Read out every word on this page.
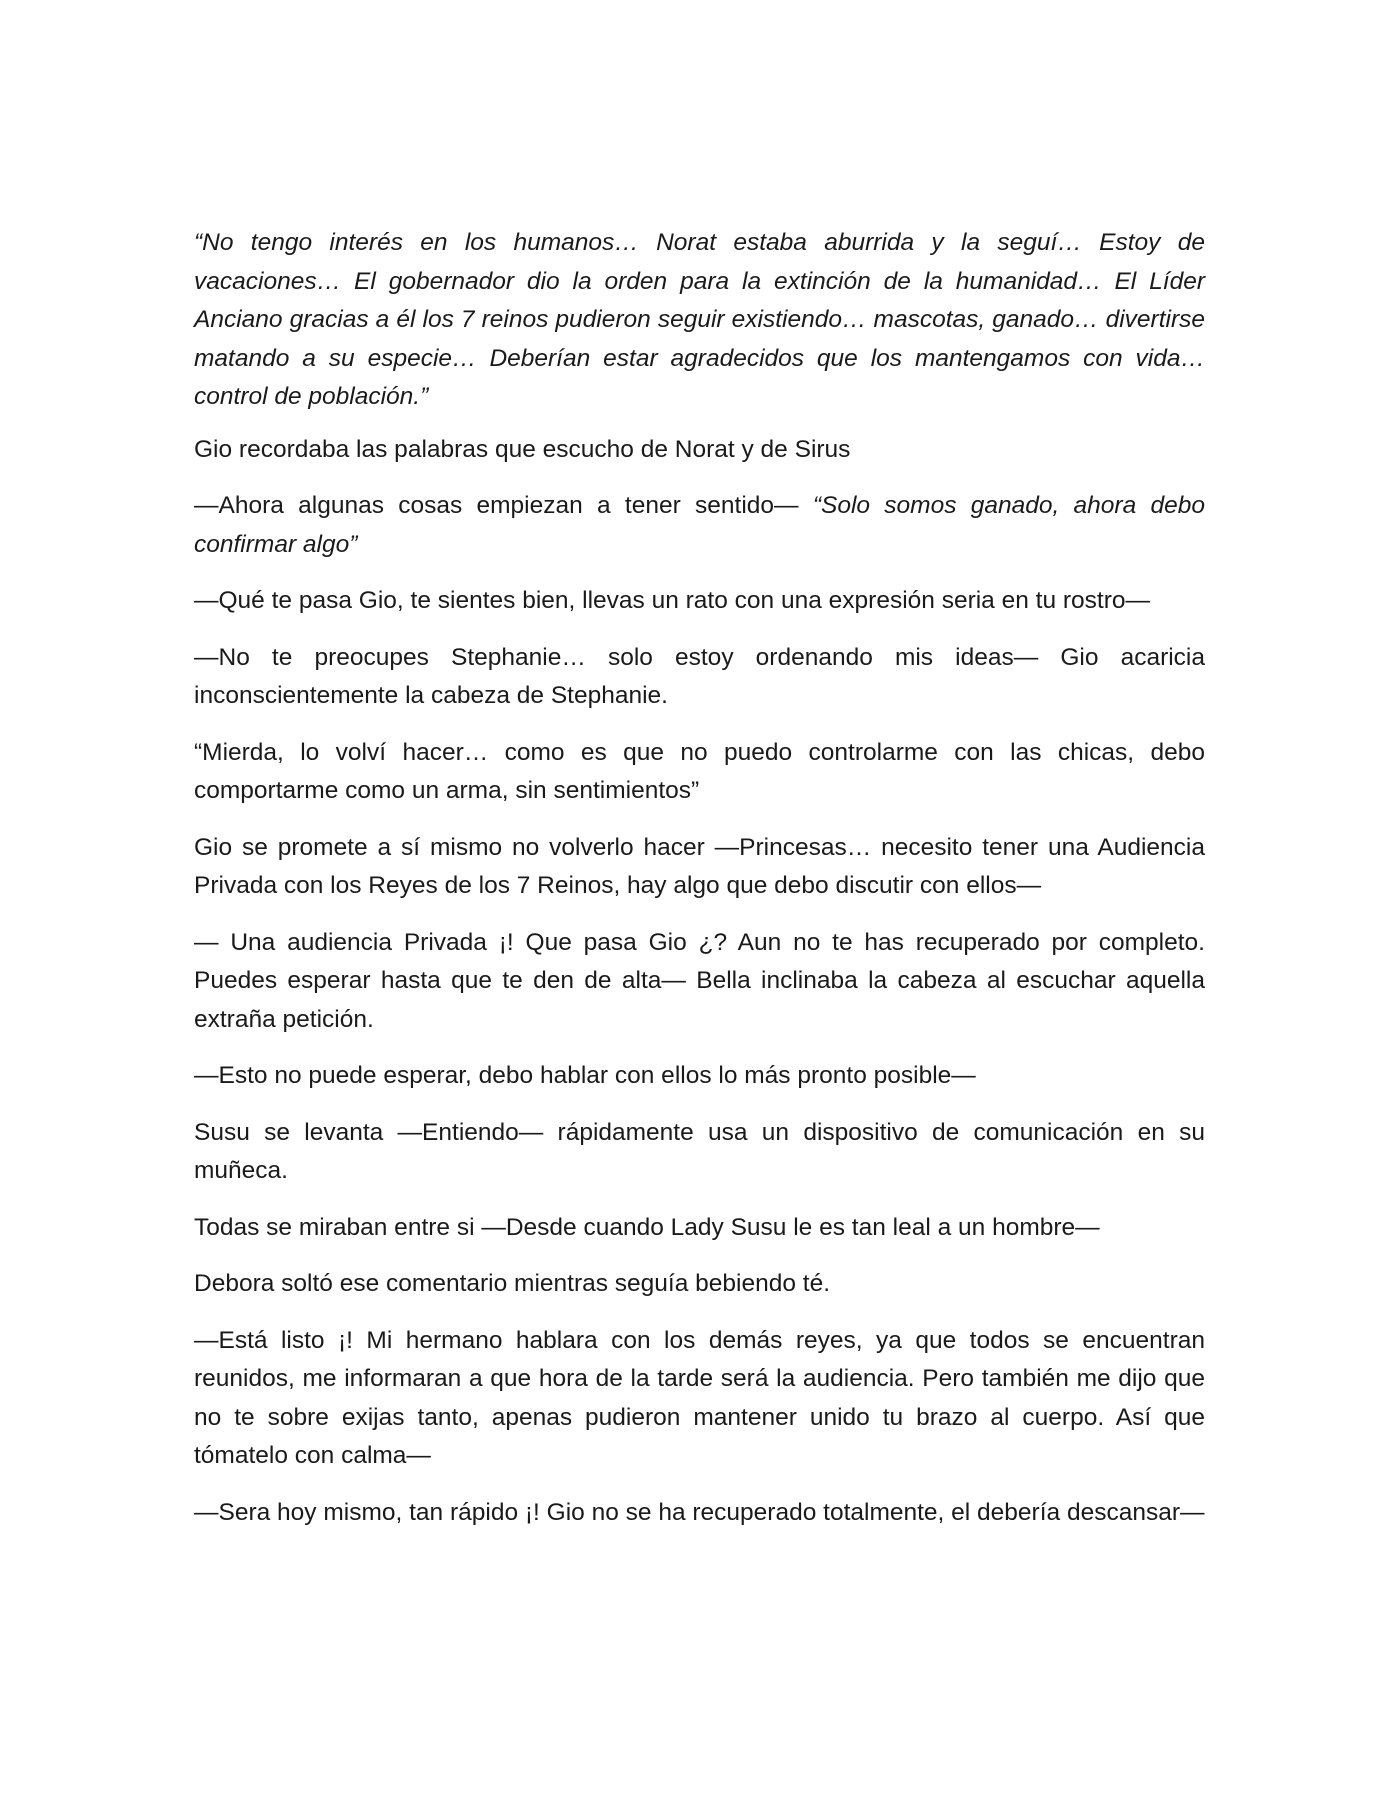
“No tengo interés en los humanos… Norat estaba aburrida y la seguí… Estoy de vacaciones… El gobernador dio la orden para la extinción de la humanidad… El Líder Anciano gracias a él los 7 reinos pudieron seguir existiendo… mascotas, ganado… divertirse matando a su especie… Deberían estar agradecidos que los mantengamos con vida… control de población.”

Gio recordaba las palabras que escucho de Norat y de Sirus

—Ahora algunas cosas empiezan a tener sentido— “Solo somos ganado, ahora debo confirmar algo”

—Qué te pasa Gio, te sientes bien, llevas un rato con una expresión seria en tu rostro—

—No te preocupes Stephanie… solo estoy ordenando mis ideas— Gio acaricia inconscientemente la cabeza de Stephanie.

“Mierda, lo volví hacer… como es que no puedo controlarme con las chicas, debo comportarme como un arma, sin sentimientos”

Gio se promete a sí mismo no volverlo hacer —Princesas… necesito tener una Audiencia Privada con los Reyes de los 7 Reinos, hay algo que debo discutir con ellos—

— Una audiencia Privada ¡! Que pasa Gio ¿? Aun no te has recuperado por completo. Puedes esperar hasta que te den de alta— Bella inclinaba la cabeza al escuchar aquella extraña petición.

—Esto no puede esperar, debo hablar con ellos lo más pronto posible—

Susu se levanta —Entiendo— rápidamente usa un dispositivo de comunicación en su muñeca.

Todas se miraban entre si —Desde cuando Lady Susu le es tan leal a un hombre—

Debora soltó ese comentario mientras seguía bebiendo té.

—Está listo ¡! Mi hermano hablara con los demás reyes, ya que todos se encuentran reunidos, me informaran a que hora de la tarde será la audiencia. Pero también me dijo que no te sobre exijas tanto, apenas pudieron mantener unido tu brazo al cuerpo. Así que tómatelo con calma—

—Sera hoy mismo, tan rápido ¡! Gio no se ha recuperado totalmente, el debería descansar—
